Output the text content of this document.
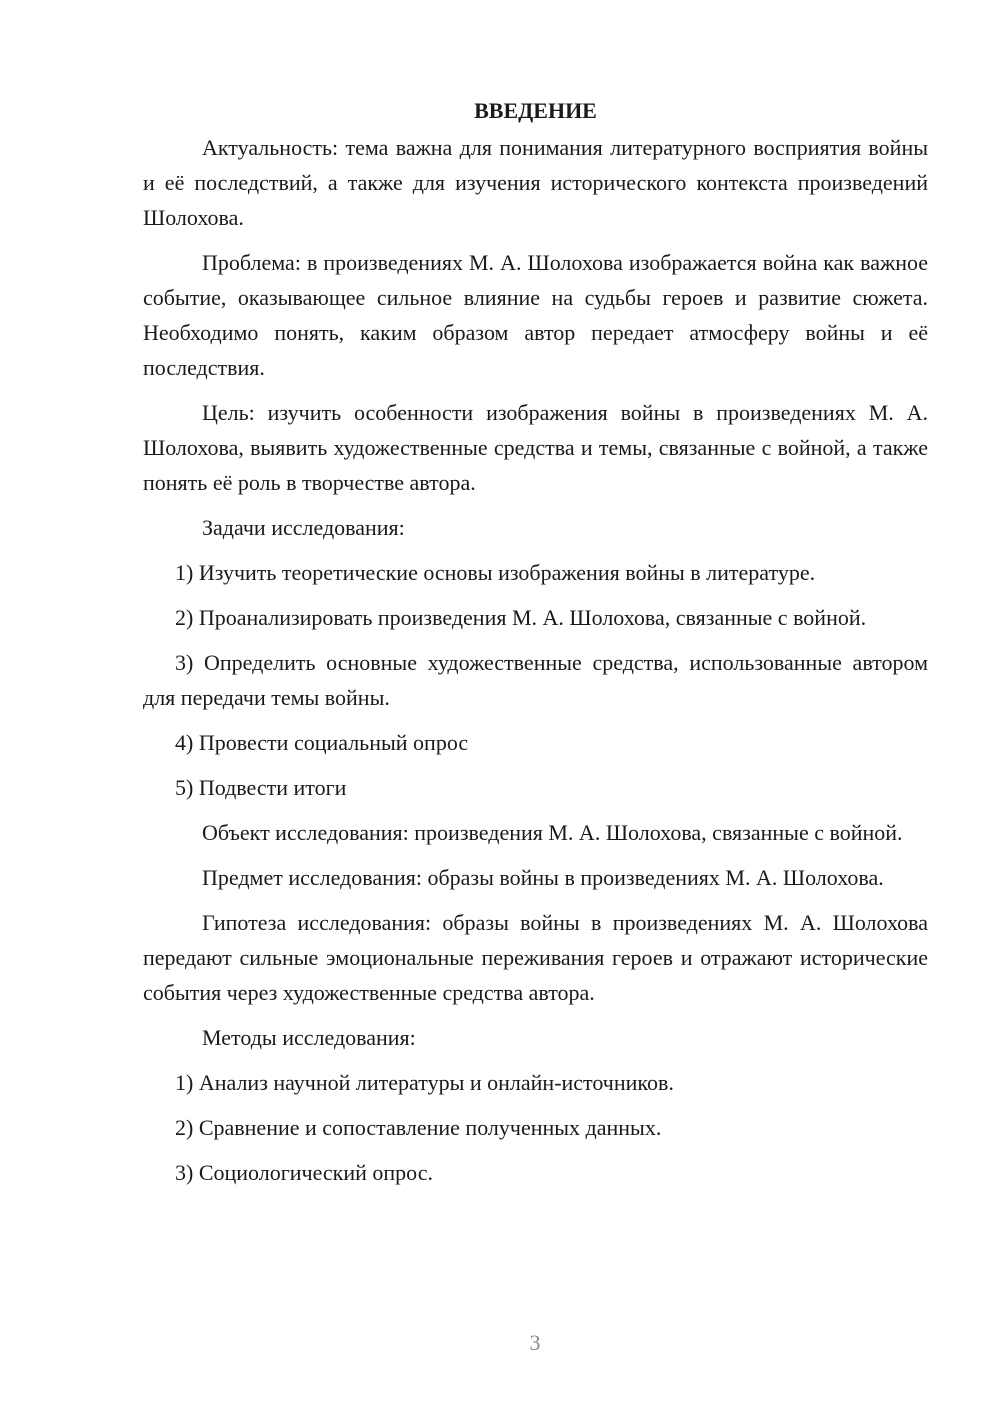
ВВЕДЕНИЕ

Актуальность: тема важна для понимания литературного восприятия войны и её последствий, а также для изучения исторического контекста произведений Шолохова.

Проблема: в произведениях М. А. Шолохова изображается война как важное событие, оказывающее сильное влияние на судьбы героев и развитие сюжета. Необходимо понять, каким образом автор передает атмосферу войны и её последствия.

Цель: изучить особенности изображения войны в произведениях М. А. Шолохова, выявить художественные средства и темы, связанные с войной, а также понять её роль в творчестве автора.

Задачи исследования:

1) Изучить теоретические основы изображения войны в литературе.

2) Проанализировать произведения М. А. Шолохова, связанные с войной.

3) Определить основные художественные средства, использованные автором для передачи темы войны.

4) Провести социальный опрос

5) Подвести итоги

Объект исследования: произведения М. А. Шолохова, связанные с войной.

Предмет исследования: образы войны в произведениях М. А. Шолохова.

Гипотеза исследования: образы войны в произведениях М. А. Шолохова передают сильные эмоциональные переживания героев и отражают исторические события через художественные средства автора.

Методы исследования:

1) Анализ научной литературы и онлайн-источников.

2) Сравнение и сопоставление полученных данных.

3) Социологический опрос.

3
